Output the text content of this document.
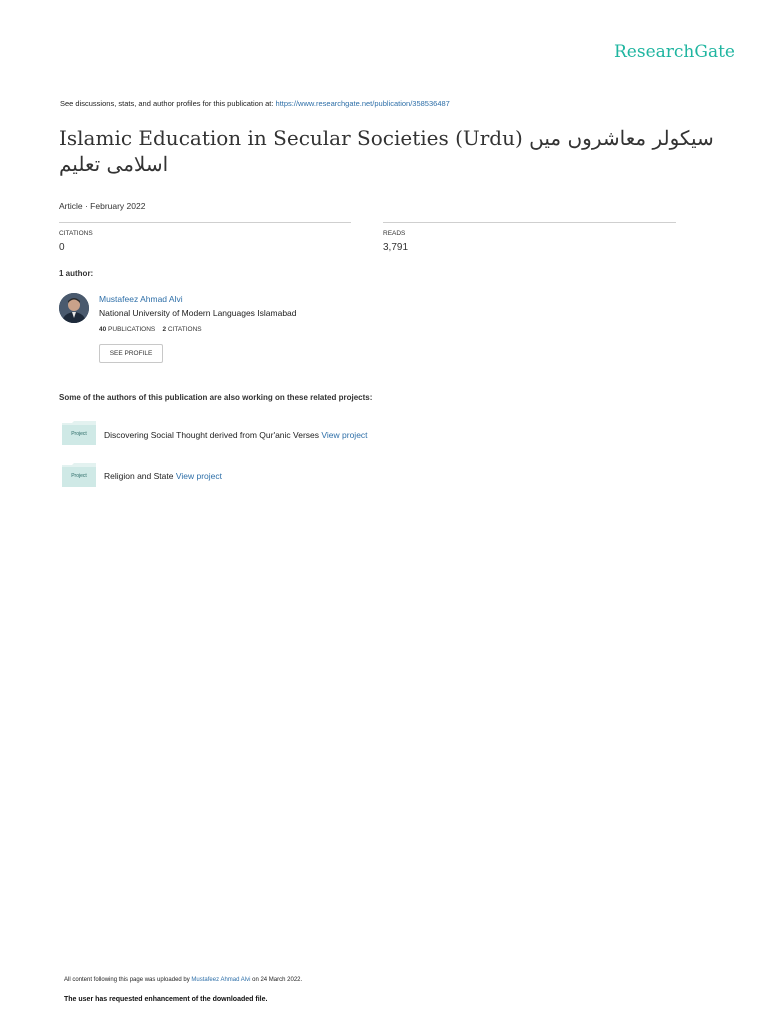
ResearchGate
See discussions, stats, and author profiles for this publication at: https://www.researchgate.net/publication/358536487
Islamic Education in Secular Societies (Urdu) سیکولر معاشروں میں اسلامی تعلیم
Article · February 2022
CITATIONS
0
READS
3,791
1 author:
Mustafeez Ahmad Alvi
National University of Modern Languages Islamabad
40 PUBLICATIONS 2 CITATIONS
SEE PROFILE
Some of the authors of this publication are also working on these related projects:
Project	Discovering Social Thought derived from Qur'anic Verses View project
Project	Religion and State View project
All content following this page was uploaded by Mustafeez Ahmad Alvi on 24 March 2022.
The user has requested enhancement of the downloaded file.
